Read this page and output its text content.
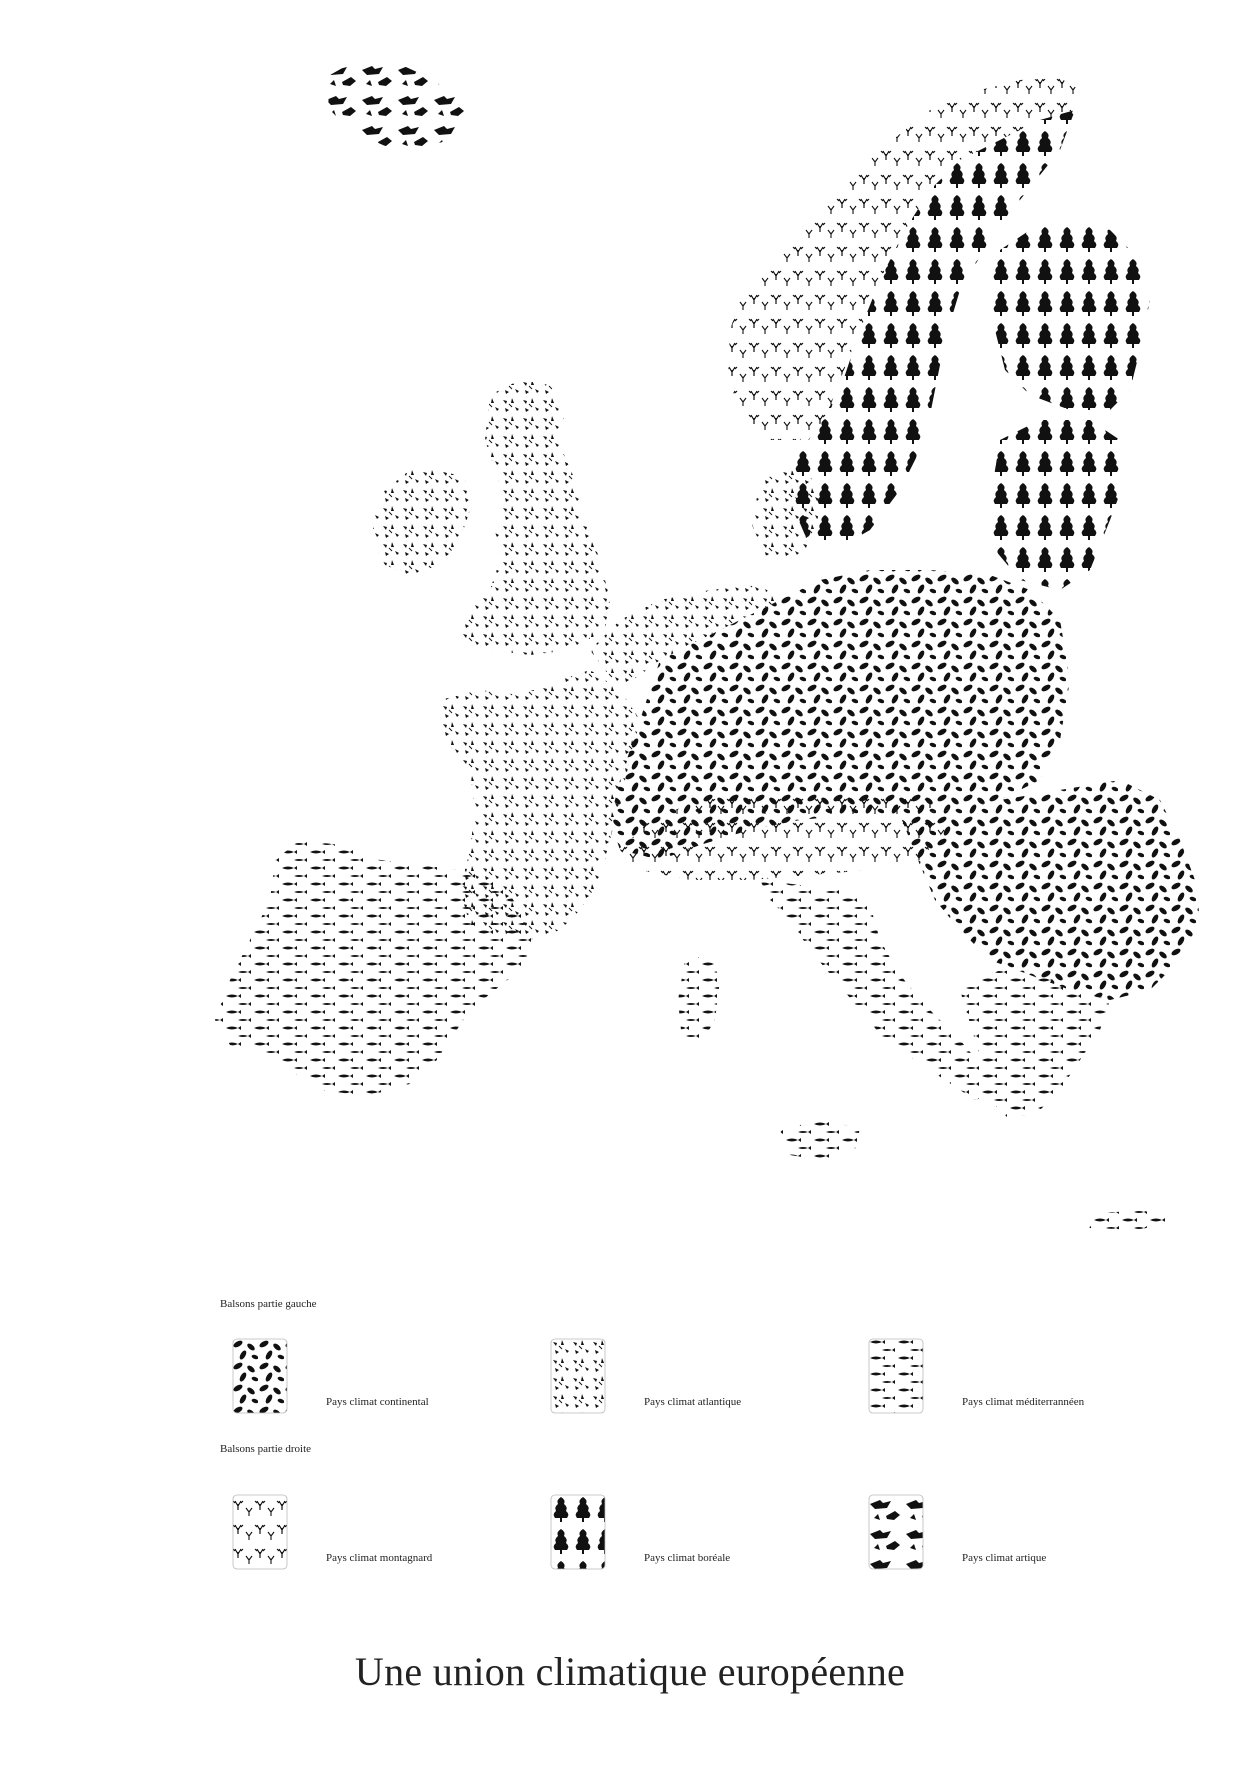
Balsons partie gauche
Balsons partie droite
Pays climat continental	Pays climat atlantique	Pays climat méditerrannéen
Pays climat montagnard	Pays climat boréale	Pays climat artique
Une union climatique européenne
